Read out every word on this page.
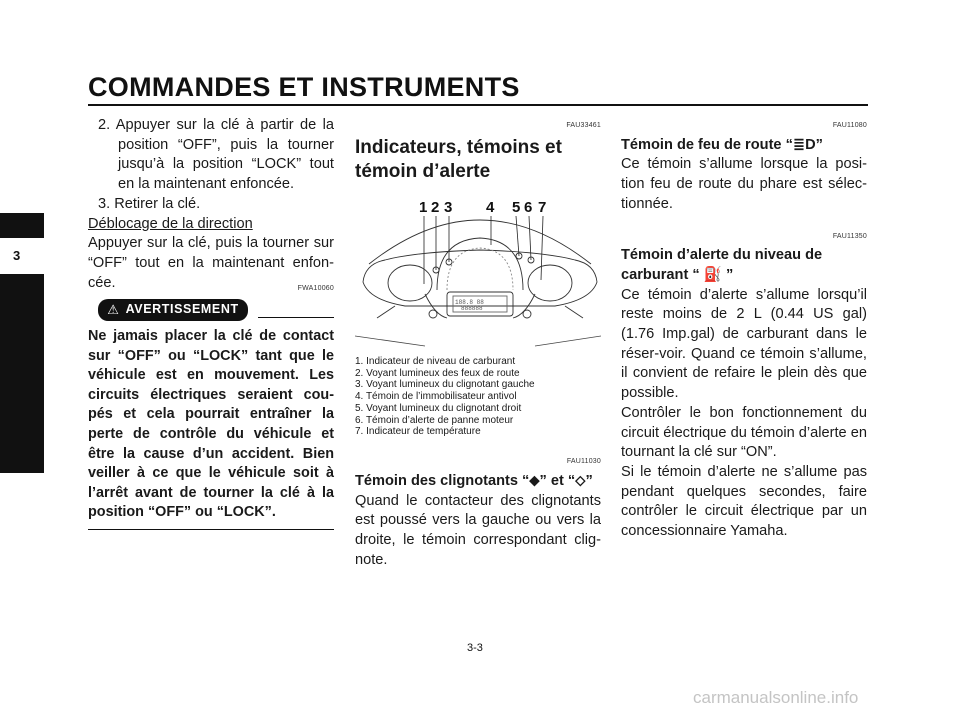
COMMANDES ET INSTRUMENTS
3

2. Appuyer sur la clé à partir de la position “OFF”, puis la tourner jusqu’à la position “LOCK” tout en la maintenant enfoncée.

3. Retirer la clé.

Déblocage de la direction

Appuyer sur la clé, puis la tourner sur “OFF” tout en la maintenant enfon-cée.	FWA10060

⚠ AVERTISSEMENT

Ne jamais placer la clé de contact sur “OFF” ou “LOCK” tant que le véhicule est en mouvement. Les circuits électriques seraient cou-pés et cela pourrait entraîner la perte de contrôle du véhicule et être la cause d’un accident. Bien veiller à ce que le véhicule soit à l’arrêt avant de tourner la clé à la position “OFF” ou “LOCK”.

FAU33461

Indicateurs, témoins et

témoin d’alerte

1 2 3 4 5 6 7
188.8 88
888888

1. Indicateur de niveau de carburant

2. Voyant lumineux des feux de route

3. Voyant lumineux du clignotant gauche

4. Témoin de l’immobilisateur antivol

5. Voyant lumineux du clignotant droit

6. Témoin d’alerte de panne moteur

7. Indicateur de température

FAU11030

Témoin des clignotants “⬥” et “⬦”

Quand le contacteur des clignotants est poussé vers la gauche ou vers la droite, le témoin correspondant clig-note.

FAU11080

Témoin de feu de route “≣D”

Ce témoin s’allume lorsque la posi-tion feu de route du phare est sélec-tionnée.

FAU11350

Témoin d’alerte du niveau de

carburant “ ⛽ ”

Ce témoin d’alerte s’allume lorsqu’il reste moins de 2 L (0.44 US gal) (1.76 Imp.gal) de carburant dans le réser-voir. Quand ce témoin s’allume, il convient de refaire le plein dès que possible.

Contrôler le bon fonctionnement du circuit électrique du témoin d’alerte en tournant la clé sur “ON”.

Si le témoin d’alerte ne s’allume pas pendant quelques secondes, faire contrôler le circuit électrique par un concessionnaire Yamaha.

3-3
carmanualsonline.info
